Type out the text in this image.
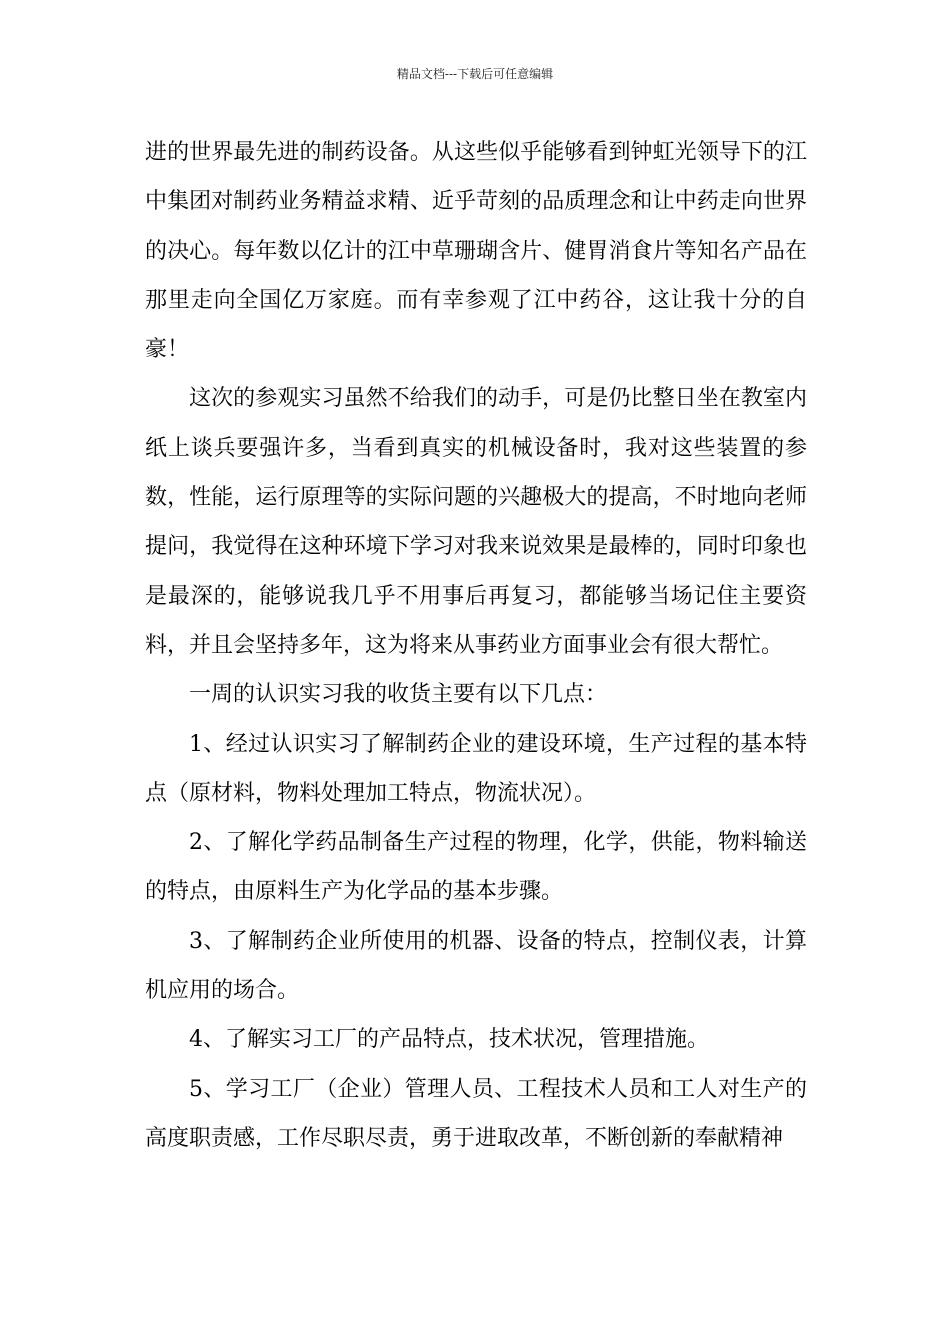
精品文档---下载后可任意编辑

进的世界最先进的制药设备。从这些似乎能够看到钟虹光领导下的江中集团对制药业务精益求精、近乎苛刻的品质理念和让中药走向世界的决心。每年数以亿计的江中草珊瑚含片、健胃消食片等知名产品在那里走向全国亿万家庭。而有幸参观了江中药谷，这让我十分的自豪！

这次的参观实习虽然不给我们的动手，可是仍比整日坐在教室内纸上谈兵要强许多，当看到真实的机械设备时，我对这些装置的参数，性能，运行原理等的实际问题的兴趣极大的提高，不时地向老师提问，我觉得在这种环境下学习对我来说效果是最棒的，同时印象也是最深的，能够说我几乎不用事后再复习，都能够当场记住主要资料，并且会坚持多年，这为将来从事药业方面事业会有很大帮忙。

一周的认识实习我的收货主要有以下几点：

1、经过认识实习了解制药企业的建设环境，生产过程的基本特点（原材料，物料处理加工特点，物流状况）。

2、了解化学药品制备生产过程的物理，化学，供能，物料输送的特点，由原料生产为化学品的基本步骤。

3、了解制药企业所使用的机器、设备的特点，控制仪表，计算机应用的场合。

4、了解实习工厂的产品特点，技术状况，管理措施。

5、学习工厂（企业）管理人员、工程技术人员和工人对生产的高度职责感，工作尽职尽责，勇于进取改革，不断创新的奉献精神
